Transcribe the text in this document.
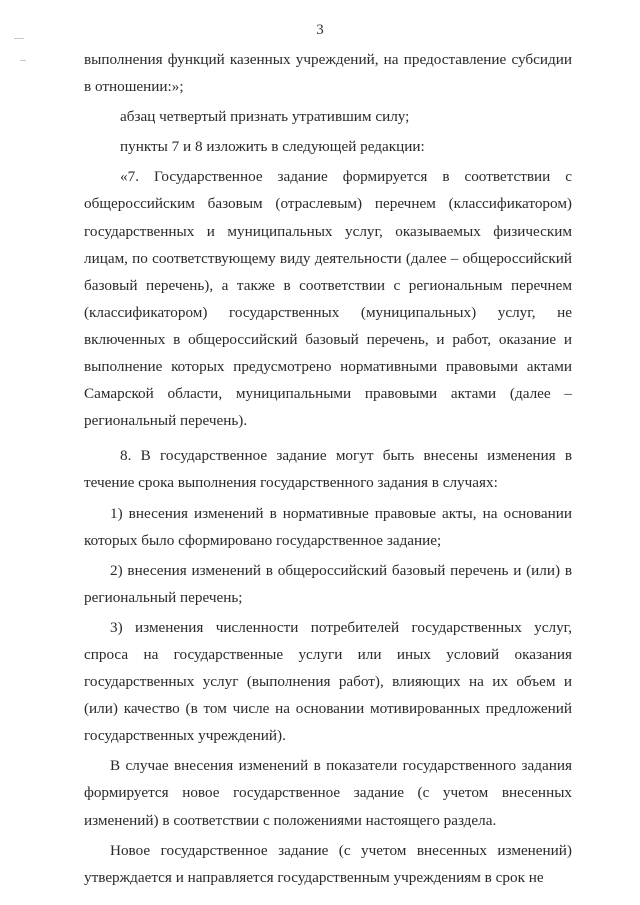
3

выполнения функций казенных учреждений, на предоставление субсидии в отношении:»;

абзац четвертый признать утратившим силу;

пункты 7 и 8 изложить в следующей редакции:

«7. Государственное задание формируется в соответствии с общероссийским базовым (отраслевым) перечнем (классификатором) государственных и муниципальных услуг, оказываемых физическим лицам, по соответствующему виду деятельности (далее – общероссийский базовый перечень), а также в соответствии с региональным перечнем (классификатором) государственных (муниципальных) услуг, не включенных в общероссийский базовый перечень, и работ, оказание и выполнение которых предусмотрено нормативными правовыми актами Самарской области, муниципальными правовыми актами (далее – региональный перечень).

8. В государственное задание могут быть внесены изменения в течение срока выполнения государственного задания в случаях:

1) внесения изменений в нормативные правовые акты, на основании которых было сформировано государственное задание;

2) внесения изменений в общероссийский базовый перечень и (или) в региональный перечень;

3) изменения численности потребителей государственных услуг, спроса на государственные услуги или иных условий оказания государственных услуг (выполнения работ), влияющих на их объем и (или) качество (в том числе на основании мотивированных предложений государственных учреждений).

В случае внесения изменений в показатели государственного задания формируется новое государственное задание (с учетом внесенных изменений) в соответствии с положениями настоящего раздела.

Новое государственное задание (с учетом внесенных изменений) утверждается и направляется государственным учреждениям в срок не
